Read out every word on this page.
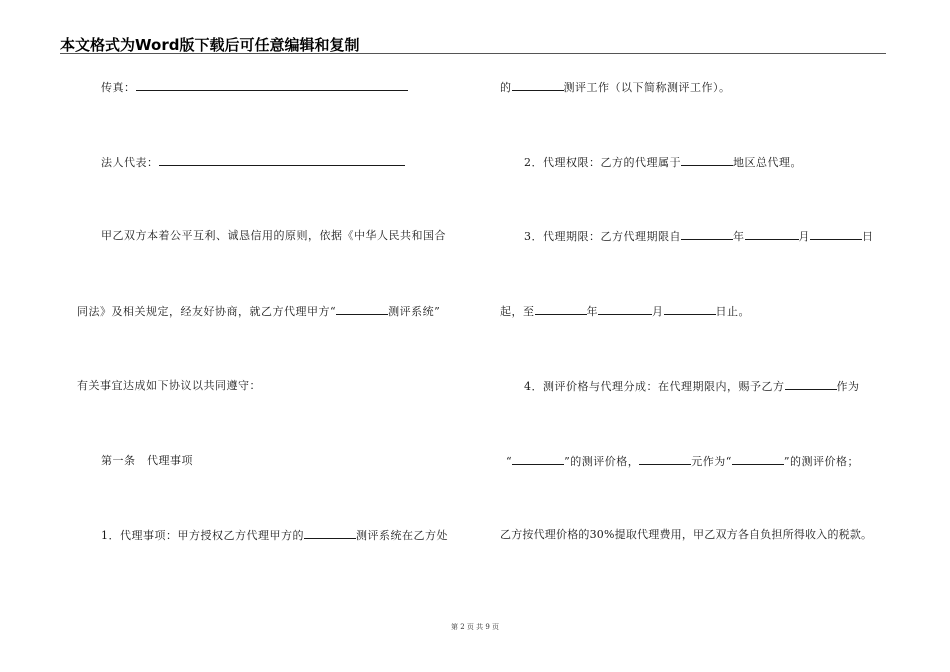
本文格式为Word版下载后可任意编辑和复制
传真：
法人代表：
甲乙双方本着公平互利、诚恳信用的原则，依据《中华人民共和国合
同法》及相关规定，经友好协商，就乙方代理甲方“	测评系统”
有关事宜达成如下协议以共同遵守：
第一条　代理事项
1．代理事项：甲方授权乙方代理甲方的	测评系统在乙方处
的	测评工作（以下简称测评工作）。
2．代理权限：乙方的代理属于	地区总代理。
3．代理期限：乙方代理期限自	年	月	日
起，至	年	月	日止。
4．测评价格与代理分成：在代理期限内，赐予乙方	作为
“	”的测评价格，	元作为“	”的测评价格；
乙方按代理价格的30%提取代理费用，甲乙双方各自负担所得收入的税款。
第 2 页 共 9 页
